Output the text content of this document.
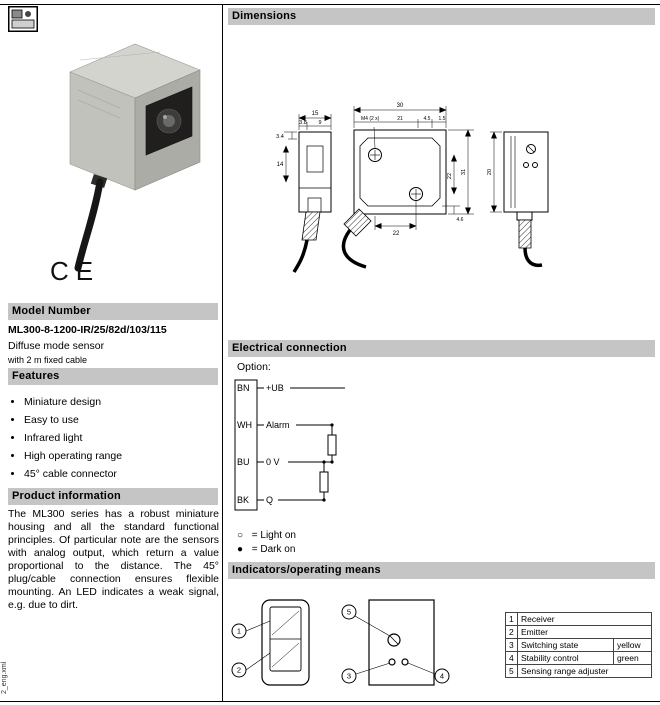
2_eng.xml
CE
Model Number
ML300-8-1200-IR/25/82d/103/115
Diffuse mode sensor
with 2 m fixed cable
Features
• Miniature design
• Easy to use
• Infrared light
• High operating range
• 45° cable connector
Product information
The ML300 series has a robust miniature housing and all the standard functional principles. Of particular note are the sensors with analog output, which return a value proportional to the distance. The 45° plug/cable connection ensures flexible mounting. An LED indicates a weak signal, e.g. due to dirt.
Dimensions
15
3.8 9
3.4
14
30
M4 (2 x)	21	4.5 1.5
22
31
4.6
22
20
Electrical connection
Option:
BN
WH
BU
BK
+UB
Alarm
0 V
Q
○ = Light on
● = Dark on
Indicators/operating means
1
2
5
3	4
1	Receiver	
2	Emitter	
3	Switching state	yellow
4	Stability control	green
5	Sensing range adjuster	
